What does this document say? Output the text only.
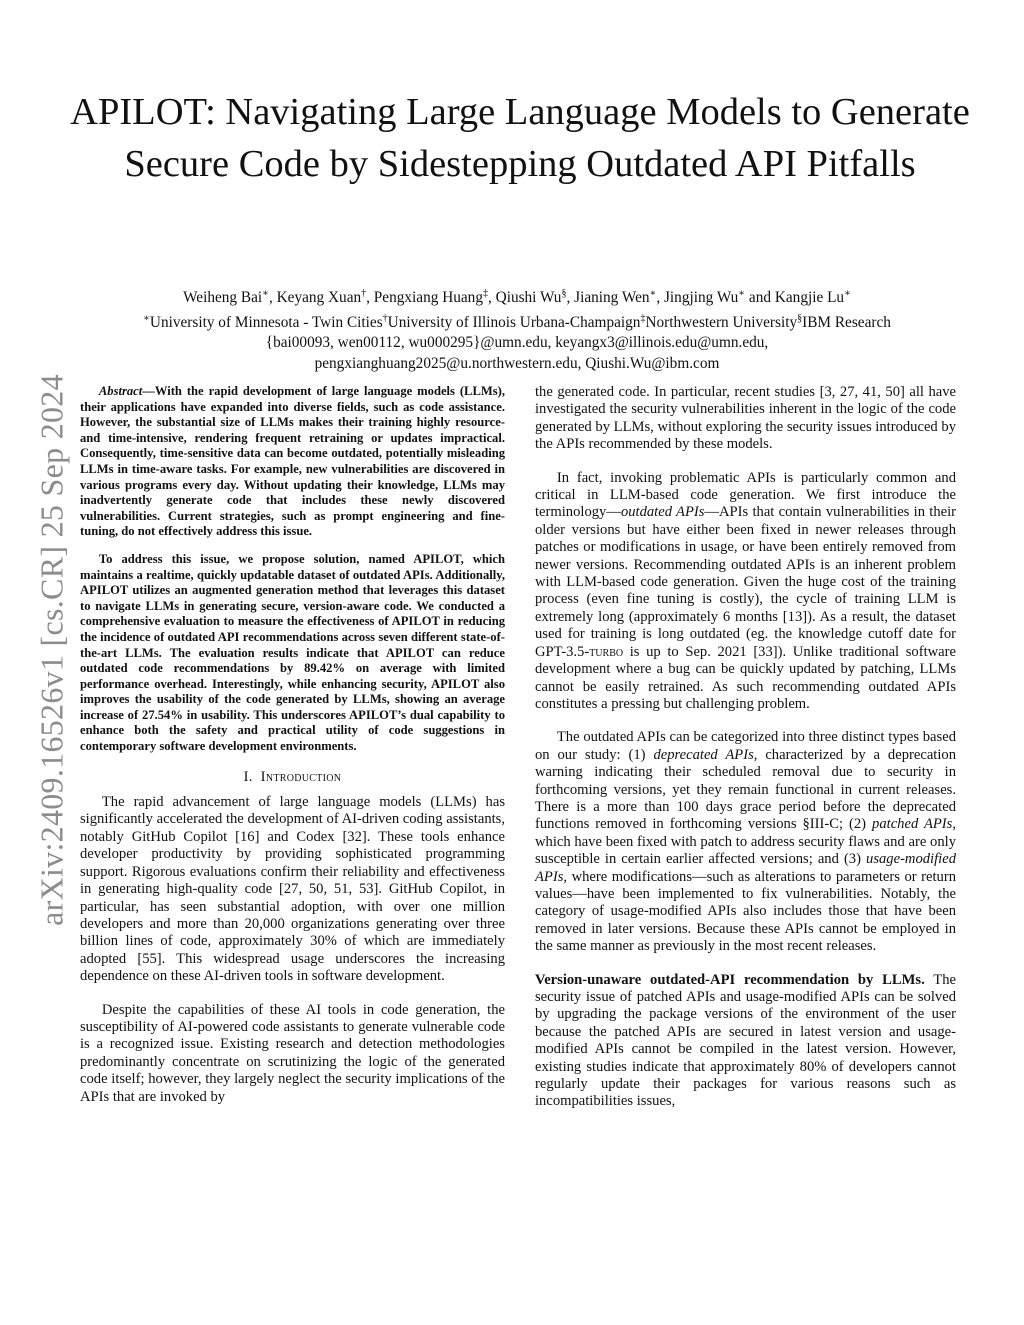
arXiv:2409.16526v1 [cs.CR] 25 Sep 2024
APILOT: Navigating Large Language Models to Generate Secure Code by Sidestepping Outdated API Pitfalls
Weiheng Bai∗, Keyang Xuan†, Pengxiang Huang‡, Qiushi Wu§, Jianing Wen∗, Jingjing Wu∗ and Kangjie Lu∗
∗University of Minnesota - Twin Cities†University of Illinois Urbana-Champaign‡Northwestern University§IBM Research
{bai00093, wen00112, wu000295}@umn.edu, keyangx3@illinois.edu@umn.edu,
pengxianghuang2025@u.northwestern.edu, Qiushi.Wu@ibm.com

Abstract—With the rapid development of large language models (LLMs), their applications have expanded into diverse fields, such as code assistance. However, the substantial size of LLMs makes their training highly resource- and time-intensive, rendering frequent retraining or updates impractical. Consequently, time-sensitive data can become outdated, potentially misleading LLMs in time-aware tasks. For example, new vulnerabilities are discovered in various programs every day. Without updating their knowledge, LLMs may inadvertently generate code that includes these newly discovered vulnerabilities. Current strategies, such as prompt engineering and fine-tuning, do not effectively address this issue.

To address this issue, we propose solution, named APILOT, which maintains a realtime, quickly updatable dataset of outdated APIs. Additionally, APILOT utilizes an augmented generation method that leverages this dataset to navigate LLMs in generating secure, version-aware code. We conducted a comprehensive evaluation to measure the effectiveness of APILOT in reducing the incidence of outdated API recommendations across seven different state-of-the-art LLMs. The evaluation results indicate that APILOT can reduce outdated code recommendations by 89.42% on average with limited performance overhead. Interestingly, while enhancing security, APILOT also improves the usability of the code generated by LLMs, showing an average increase of 27.54% in usability. This underscores APILOT’s dual capability to enhance both the safety and practical utility of code suggestions in contemporary software development environments.

I. Introduction

The rapid advancement of large language models (LLMs) has significantly accelerated the development of AI-driven coding assistants, notably GitHub Copilot [16] and Codex [32]. These tools enhance developer productivity by providing sophisticated programming support. Rigorous evaluations confirm their reliability and effectiveness in generating high-quality code [27, 50, 51, 53]. GitHub Copilot, in particular, has seen substantial adoption, with over one million developers and more than 20,000 organizations generating over three billion lines of code, approximately 30% of which are immediately adopted [55]. This widespread usage underscores the increasing dependence on these AI-driven tools in software development.

Despite the capabilities of these AI tools in code generation, the susceptibility of AI-powered code assistants to generate vulnerable code is a recognized issue. Existing research and detection methodologies predominantly concentrate on scrutinizing the logic of the generated code itself; however, they largely neglect the security implications of the APIs that are invoked by

the generated code. In particular, recent studies [3, 27, 41, 50] all have investigated the security vulnerabilities inherent in the logic of the code generated by LLMs, without exploring the security issues introduced by the APIs recommended by these models.

In fact, invoking problematic APIs is particularly common and critical in LLM-based code generation. We first introduce the terminology—outdated APIs—APIs that contain vulnerabilities in their older versions but have either been fixed in newer releases through patches or modifications in usage, or have been entirely removed from newer versions. Recommending outdated APIs is an inherent problem with LLM-based code generation. Given the huge cost of the training process (even fine tuning is costly), the cycle of training LLM is extremely long (approximately 6 months [13]). As a result, the dataset used for training is long outdated (eg. the knowledge cutoff date for GPT-3.5-turbo is up to Sep. 2021 [33]). Unlike traditional software development where a bug can be quickly updated by patching, LLMs cannot be easily retrained. As such recommending outdated APIs constitutes a pressing but challenging problem.

The outdated APIs can be categorized into three distinct types based on our study: (1) deprecated APIs, characterized by a deprecation warning indicating their scheduled removal due to security in forthcoming versions, yet they remain functional in current releases. There is a more than 100 days grace period before the deprecated functions removed in forthcoming versions §III-C; (2) patched APIs, which have been fixed with patch to address security flaws and are only susceptible in certain earlier affected versions; and (3) usage-modified APIs, where modifications—such as alterations to parameters or return values—have been implemented to fix vulnerabilities. Notably, the category of usage-modified APIs also includes those that have been removed in later versions. Because these APIs cannot be employed in the same manner as previously in the most recent releases.

Version-unaware outdated-API recommendation by LLMs. The security issue of patched APIs and usage-modified APIs can be solved by upgrading the package versions of the environment of the user because the patched APIs are secured in latest version and usage-modified APIs cannot be compiled in the latest version. However, existing studies indicate that approximately 80% of developers cannot regularly update their packages for various reasons such as incompatibilities issues,
